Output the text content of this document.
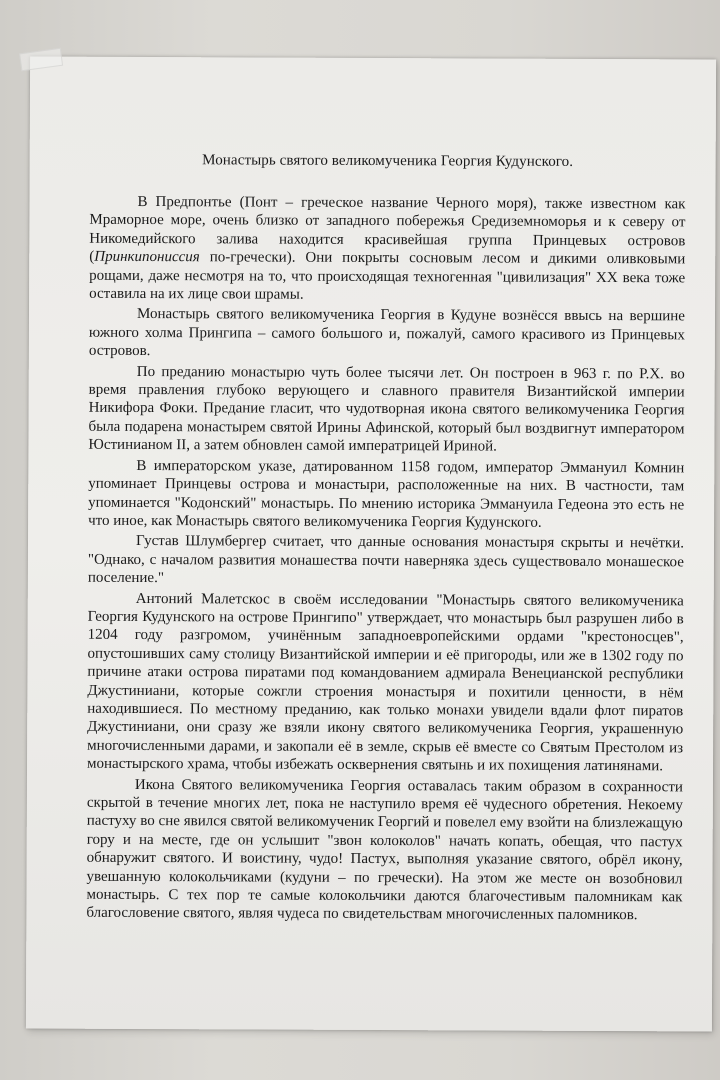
Монастырь святого великомученика Георгия Кудунского.

В Предпонтье (Понт – греческое название Черного моря), также известном как Мраморное море, очень близко от западного побережья Средиземноморья и к северу от Никомедийского залива находится красивейшая группа Принцевых островов (Принкипониссия по-гречески). Они покрыты сосновым лесом и дикими оливковыми рощами, даже несмотря на то, что происходящая техногенная "цивилизация" XX века тоже оставила на их лице свои шрамы.

Монастырь святого великомученика Георгия в Кудуне вознёсся ввысь на вершине южного холма Прингипа – самого большого и, пожалуй, самого красивого из Принцевых островов.

По преданию монастырю чуть более тысячи лет. Он построен в 963 г. по Р.Х. во время правления глубоко верующего и славного правителя Византийской империи Никифора Фоки. Предание гласит, что чудотворная икона святого великомученика Георгия была подарена монастырем святой Ирины Афинской, который был воздвигнут императором Юстинианом II, а затем обновлен самой императрицей Ириной.

В императорском указе, датированном 1158 годом, император Эммануил Комнин упоминает Принцевы острова и монастыри, расположенные на них. В частности, там упоминается "Кодонский" монастырь. По мнению историка Эммануила Гедеона это есть не что иное, как Монастырь святого великомученика Георгия Кудунского.

Густав Шлумбергер считает, что данные основания монастыря скрыты и нечётки. "Однако, с началом развития монашества почти наверняка здесь существовало монашеское поселение."

Антоний Малетскос в своём исследовании "Монастырь святого великомученика Георгия Кудунского на острове Прингипо" утверждает, что монастырь был разрушен либо в 1204 году разгромом, учинённым западноевропейскими ордами "крестоносцев", опустошивших саму столицу Византийской империи и её пригороды, или же в 1302 году по причине атаки острова пиратами под командованием адмирала Венецианской республики Джустиниани, которые сожгли строения монастыря и похитили ценности, в нём находившиеся. По местному преданию, как только монахи увидели вдали флот пиратов Джустиниани, они сразу же взяли икону святого великомученика Георгия, украшенную многочисленными дарами, и закопали её в земле, скрыв её вместе со Святым Престолом из монастырского храма, чтобы избежать осквернения святынь и их похищения латинянами.

Икона Святого великомученика Георгия оставалась таким образом в сохранности скрытой в течение многих лет, пока не наступило время её чудесного обретения. Некоему пастуху во сне явился святой великомученик Георгий и повелел ему взойти на близлежащую гору и на месте, где он услышит "звон колоколов" начать копать, обещая, что пастух обнаружит святого. И воистину, чудо! Пастух, выполняя указание святого, обрёл икону, увешанную колокольчиками (кудуни – по гречески). На этом же месте он возобновил монастырь. С тех пор те самые колокольчики даются благочестивым паломникам как благословение святого, являя чудеса по свидетельствам многочисленных паломников.
